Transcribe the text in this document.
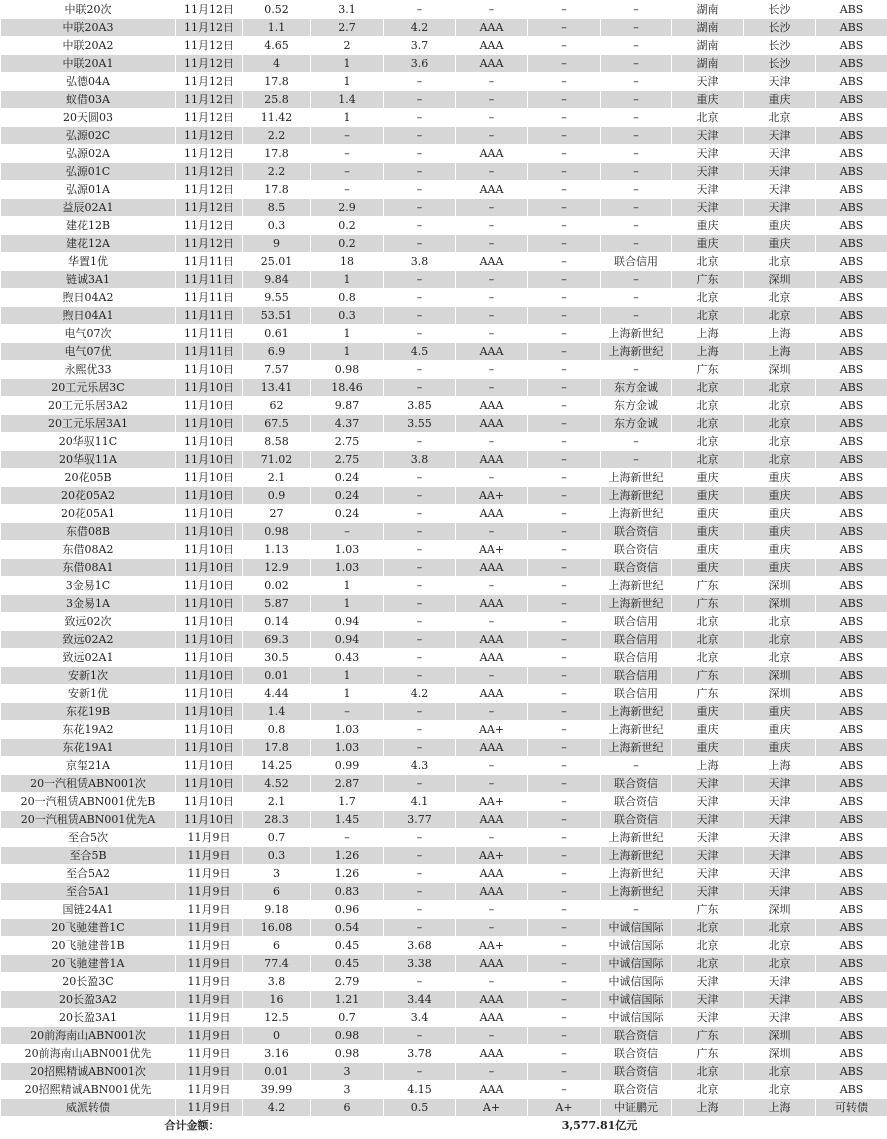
中联20次	11月12日	0.52	3.1	–	–	–	–	湖南	长沙	ABS
中联20A3	11月12日	1.1	2.7	4.2	AAA	–	–	湖南	长沙	ABS
中联20A2	11月12日	4.65	2	3.7	AAA	–	–	湖南	长沙	ABS
中联20A1	11月12日	4	1	3.6	AAA	–	–	湖南	长沙	ABS
弘德04A	11月12日	17.8	1	–	–	–	–	天津	天津	ABS
蚁借03A	11月12日	25.8	1.4	–	–	–	–	重庆	重庆	ABS
20天圆03	11月12日	11.42	1	–	–	–	–	北京	北京	ABS
弘源02C	11月12日	2.2	–	–	–	–	–	天津	天津	ABS
弘源02A	11月12日	17.8	–	–	AAA	–	–	天津	天津	ABS
弘源01C	11月12日	2.2	–	–	–	–	–	天津	天津	ABS
弘源01A	11月12日	17.8	–	–	AAA	–	–	天津	天津	ABS
益辰02A1	11月12日	8.5	2.9	–	–	–	–	天津	天津	ABS
建花12B	11月12日	0.3	0.2	–	–	–	–	重庆	重庆	ABS
建花12A	11月12日	9	0.2	–	–	–	–	重庆	重庆	ABS
华置1优	11月11日	25.01	18	3.8	AAA	–	联合信用	北京	北京	ABS
链诚3A1	11月11日	9.84	1	–	–	–	–	广东	深圳	ABS
煦日04A2	11月11日	9.55	0.8	–	–	–	–	北京	北京	ABS
煦日04A1	11月11日	53.51	0.3	–	–	–	–	北京	北京	ABS
电气07次	11月11日	0.61	1	–	–	–	上海新世纪	上海	上海	ABS
电气07优	11月11日	6.9	1	4.5	AAA	–	上海新世纪	上海	上海	ABS
永熙优33	11月10日	7.57	0.98	–	–	–	–	广东	深圳	ABS
20工元乐居3C	11月10日	13.41	18.46	–	–	–	东方金诚	北京	北京	ABS
20工元乐居3A2	11月10日	62	9.87	3.85	AAA	–	东方金诚	北京	北京	ABS
20工元乐居3A1	11月10日	67.5	4.37	3.55	AAA	–	东方金诚	北京	北京	ABS
20华驭11C	11月10日	8.58	2.75	–	–	–	–	北京	北京	ABS
20华驭11A	11月10日	71.02	2.75	3.8	AAA	–	–	北京	北京	ABS
20花05B	11月10日	2.1	0.24	–	–	–	上海新世纪	重庆	重庆	ABS
20花05A2	11月10日	0.9	0.24	–	AA+	–	上海新世纪	重庆	重庆	ABS
20花05A1	11月10日	27	0.24	–	AAA	–	上海新世纪	重庆	重庆	ABS
东借08B	11月10日	0.98	–	–	–	–	联合资信	重庆	重庆	ABS
东借08A2	11月10日	1.13	1.03	–	AA+	–	联合资信	重庆	重庆	ABS
东借08A1	11月10日	12.9	1.03	–	AAA	–	联合资信	重庆	重庆	ABS
3金易1C	11月10日	0.02	1	–	–	–	上海新世纪	广东	深圳	ABS
3金易1A	11月10日	5.87	1	–	AAA	–	上海新世纪	广东	深圳	ABS
致远02次	11月10日	0.14	0.94	–	–	–	联合信用	北京	北京	ABS
致远02A2	11月10日	69.3	0.94	–	AAA	–	联合信用	北京	北京	ABS
致远02A1	11月10日	30.5	0.43	–	AAA	–	联合信用	北京	北京	ABS
安新1次	11月10日	0.01	1	–	–	–	联合信用	广东	深圳	ABS
安新1优	11月10日	4.44	1	4.2	AAA	–	联合信用	广东	深圳	ABS
东花19B	11月10日	1.4	–	–	–	–	上海新世纪	重庆	重庆	ABS
东花19A2	11月10日	0.8	1.03	–	AA+	–	上海新世纪	重庆	重庆	ABS
东花19A1	11月10日	17.8	1.03	–	AAA	–	上海新世纪	重庆	重庆	ABS
京玺21A	11月10日	14.25	0.99	4.3	–	–	–	上海	上海	ABS
20一汽租赁ABN001次	11月10日	4.52	2.87	–	–	–	联合资信	天津	天津	ABS
20一汽租赁ABN001优先B	11月10日	2.1	1.7	4.1	AA+	–	联合资信	天津	天津	ABS
20一汽租赁ABN001优先A	11月10日	28.3	1.45	3.77	AAA	–	联合资信	天津	天津	ABS
至合5次	11月9日	0.7	–	–	–	–	上海新世纪	天津	天津	ABS
至合5B	11月9日	0.3	1.26	–	AA+	–	上海新世纪	天津	天津	ABS
至合5A2	11月9日	3	1.26	–	AAA	–	上海新世纪	天津	天津	ABS
至合5A1	11月9日	6	0.83	–	AAA	–	上海新世纪	天津	天津	ABS
国链24A1	11月9日	9.18	0.96	–	–	–	–	广东	深圳	ABS
20飞驰建普1C	11月9日	16.08	0.54	–	–	–	中诚信国际	北京	北京	ABS
20飞驰建普1B	11月9日	6	0.45	3.68	AA+	–	中诚信国际	北京	北京	ABS
20飞驰建普1A	11月9日	77.4	0.45	3.38	AAA	–	中诚信国际	北京	北京	ABS
20长盈3C	11月9日	3.8	2.79	–	–	–	中诚信国际	天津	天津	ABS
20长盈3A2	11月9日	16	1.21	3.44	AAA	–	中诚信国际	天津	天津	ABS
20长盈3A1	11月9日	12.5	0.7	3.4	AAA	–	中诚信国际	天津	天津	ABS
20前海南山ABN001次	11月9日	0	0.98	–	–	–	联合资信	广东	深圳	ABS
20前海南山ABN001优先	11月9日	3.16	0.98	3.78	AAA	–	联合资信	广东	深圳	ABS
20招熙精诚ABN001次	11月9日	0.01	3	–	–	–	联合资信	北京	北京	ABS
20招熙精诚ABN001优先	11月9日	39.99	3	4.15	AAA	–	联合资信	北京	北京	ABS
威派转债	11月9日	4.2	6	0.5	A+	A+	中证鹏元	上海	上海	可转债
合计金额：					3,577.81亿元					
